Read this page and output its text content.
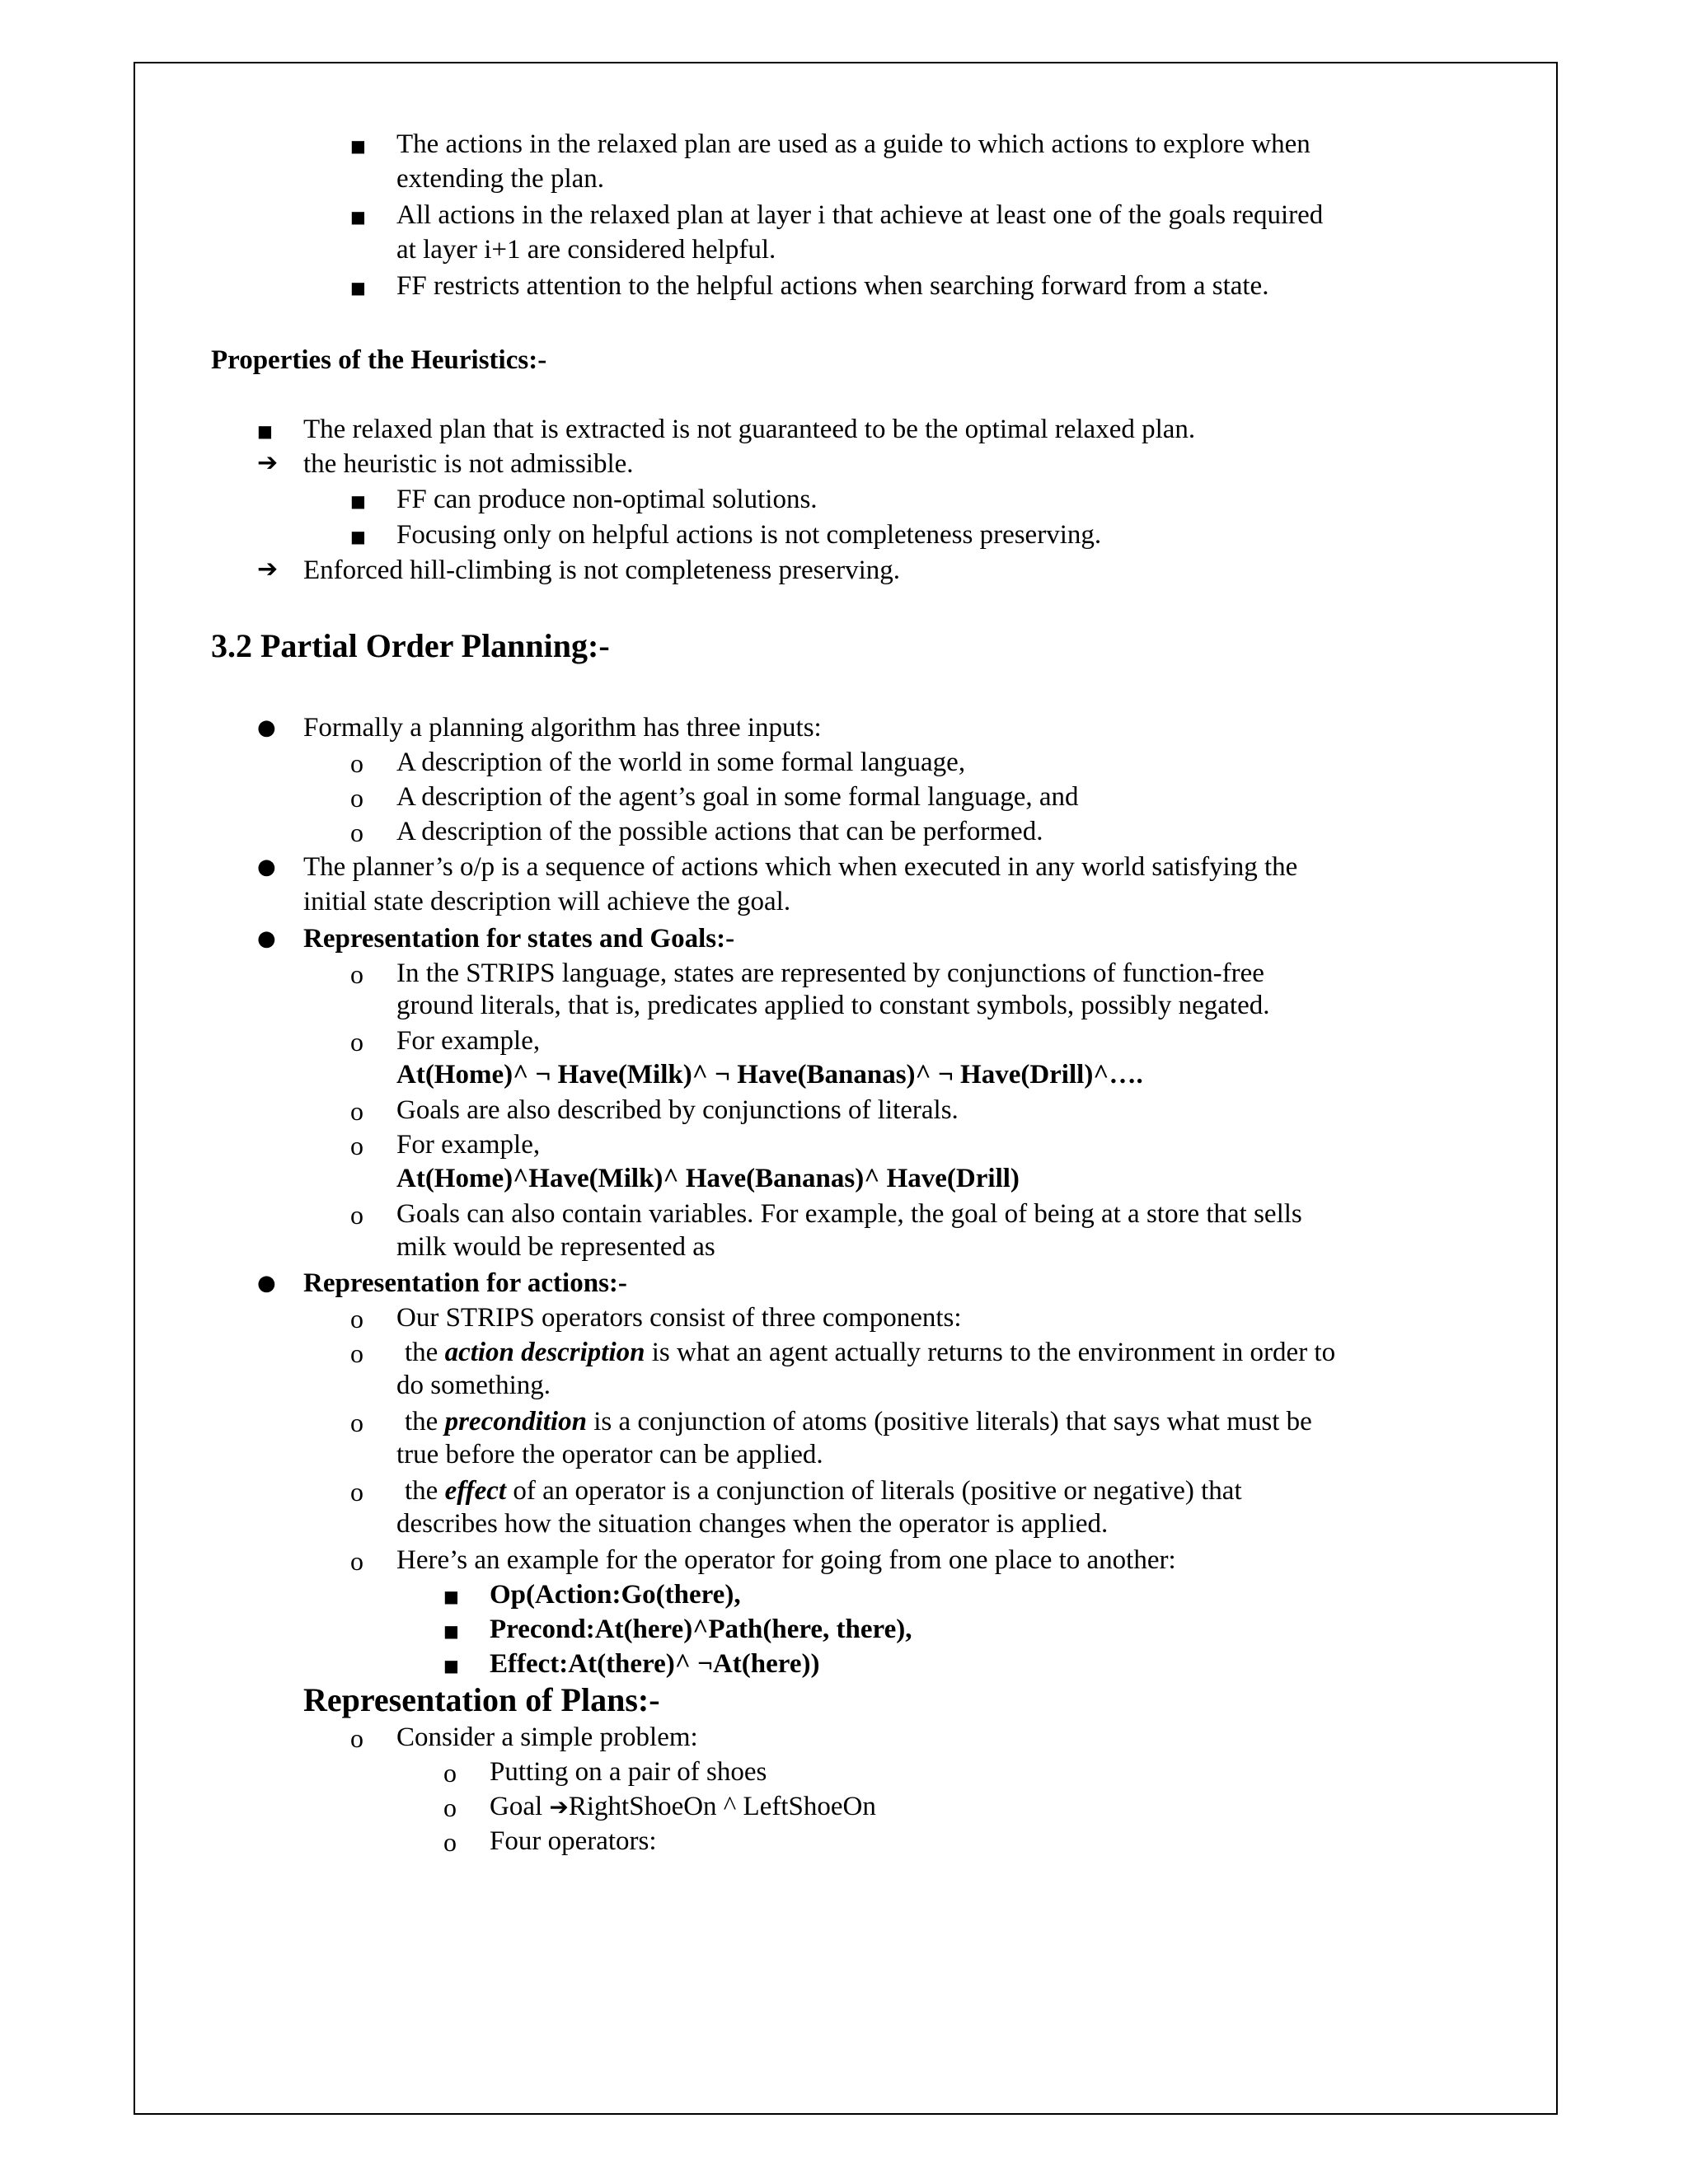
■ The actions in the relaxed plan are used as a guide to which actions to explore when
extending the plan.
■ All actions in the relaxed plan at layer i that achieve at least one of the goals required
at layer i+1 are considered helpful.
■ FF restricts attention to the helpful actions when searching forward from a state.
Properties of the Heuristics:-
■ The relaxed plan that is extracted is not guaranteed to be the optimal relaxed plan.
➔ the heuristic is not admissible.
■ FF can produce non-optimal solutions.
■ Focusing only on helpful actions is not completeness preserving.
➔ Enforced hill-climbing is not completeness preserving.
3.2 Partial Order Planning:-
● Formally a planning algorithm has three inputs:
o A description of the world in some formal language,
o A description of the agent’s goal in some formal language, and
o A description of the possible actions that can be performed.
● The planner’s o/p is a sequence of actions which when executed in any world satisfying the
initial state description will achieve the goal.
● Representation for states and Goals:-
o In the STRIPS language, states are represented by conjunctions of function-free
ground literals, that is, predicates applied to constant symbols, possibly negated.
o For example,
At(Home)^ ¬ Have(Milk)^ ¬ Have(Bananas)^ ¬ Have(Drill)^….
o Goals are also described by conjunctions of literals.
o For example,
At(Home)^Have(Milk)^ Have(Bananas)^ Have(Drill)
o Goals can also contain variables. For example, the goal of being at a store that sells
milk would be represented as
● Representation for actions:-
o Our STRIPS operators consist of three components:
o the action description is what an agent actually returns to the environment in order to
do something.
o the precondition is a conjunction of atoms (positive literals) that says what must be
true before the operator can be applied.
o the effect of an operator is a conjunction of literals (positive or negative) that
describes how the situation changes when the operator is applied.
o Here’s an example for the operator for going from one place to another:
■ Op(Action:Go(there),
■ Precond:At(here)^Path(here, there),
■ Effect:At(there)^ ¬At(here))
Representation of Plans:-
o Consider a simple problem:
o Putting on a pair of shoes
o Goal ➔RightShoeOn ^ LeftShoeOn
o Four operators:
